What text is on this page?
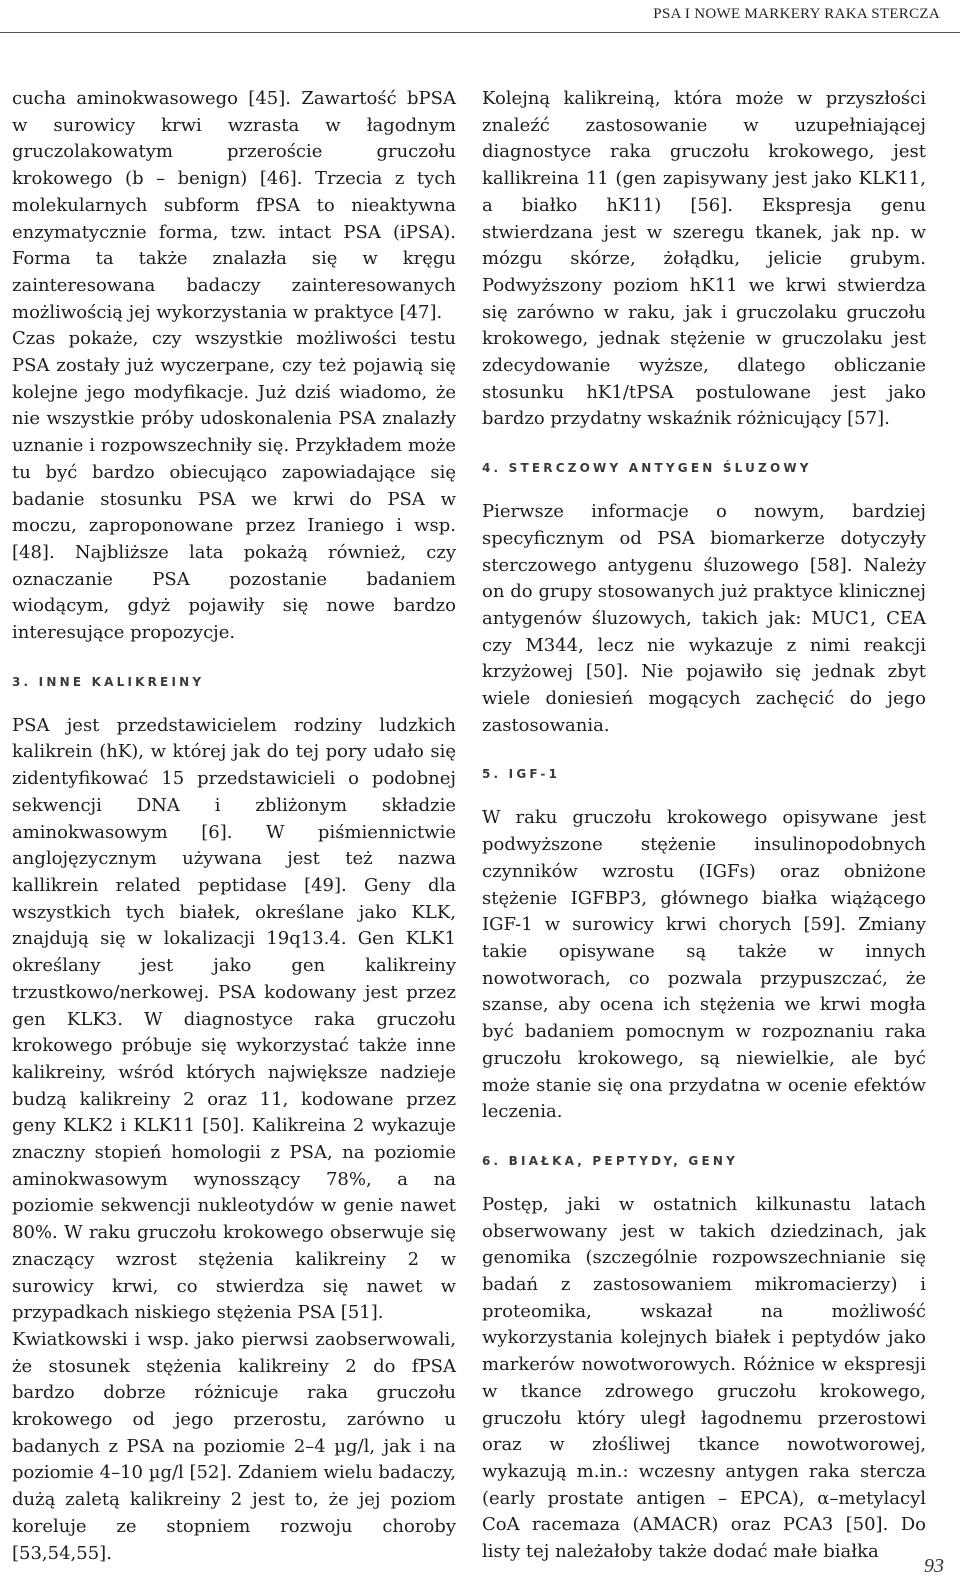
PSA I NOWE MARKERY RAKA STERCZA

cucha aminokwasowego [45]. Zawartość bPSA w surowicy krwi wzrasta w łagodnym gruczolakowatym przeroście gruczołu krokowego (b – benign) [46]. Trzecia z tych molekularnych subform fPSA to nieaktywna enzymatycznie forma, tzw. intact PSA (iPSA). Forma ta także znalazła się w kręgu zainteresowana badaczy zainteresowanych możliwością jej wykorzystania w praktyce [47].

Czas pokaże, czy wszystkie możliwości testu PSA zostały już wyczerpane, czy też pojawią się kolejne jego modyfikacje. Już dziś wiadomo, że nie wszystkie próby udoskonalenia PSA znalazły uznanie i rozpowszechniły się. Przykładem może tu być bardzo obiecująco zapowiadające się badanie stosunku PSA we krwi do PSA w moczu, zaproponowane przez Iraniego i wsp. [48]. Najbliższe lata pokażą również, czy oznaczanie PSA pozostanie badaniem wiodącym, gdyż pojawiły się nowe bardzo interesujące propozycje.

3. INNE KALIKREINY

PSA jest przedstawicielem rodziny ludzkich kalikrein (hK), w której jak do tej pory udało się zidentyfikować 15 przedstawicieli o podobnej sekwencji DNA i zbliżonym składzie aminokwasowym [6]. W piśmiennictwie anglojęzycznym używana jest też nazwa kallikrein related peptidase [49]. Geny dla wszystkich tych białek, określane jako KLK, znajdują się w lokalizacji 19q13.4. Gen KLK1 określany jest jako gen kalikreiny trzustkowo/nerkowej. PSA kodowany jest przez gen KLK3. W diagnostyce raka gruczołu krokowego próbuje się wykorzystać także inne kalikreiny, wśród których największe nadzieje budzą kalikreiny 2 oraz 11, kodowane przez geny KLK2 i KLK11 [50]. Kalikreina 2 wykazuje znaczny stopień homologii z PSA, na poziomie aminokwasowym wynosszący 78%, a na poziomie sekwencji nukleotydów w genie nawet 80%. W raku gruczołu krokowego obserwuje się znaczący wzrost stężenia kalikreiny 2 w surowicy krwi, co stwierdza się nawet w przypadkach niskiego stężenia PSA [51].

Kwiatkowski i wsp. jako pierwsi zaobserwowali, że stosunek stężenia kalikreiny 2 do fPSA bardzo dobrze różnicuje raka gruczołu krokowego od jego przerostu, zarówno u badanych z PSA na poziomie 2–4 µg/l, jak i na poziomie 4–10 µg/l [52]. Zdaniem wielu badaczy, dużą zaletą kalikreiny 2 jest to, że jej poziom koreluje ze stopniem rozwoju choroby [53,54,55].

Kolejną kalikreiną, która może w przyszłości znaleźć zastosowanie w uzupełniającej diagnostyce raka gruczołu krokowego, jest kallikreina 11 (gen zapisywany jest jako KLK11, a białko hK11) [56]. Ekspresja genu stwierdzana jest w szeregu tkanek, jak np. w mózgu skórze, żołądku, jelicie grubym. Podwyższony poziom hK11 we krwi stwierdza się zarówno w raku, jak i gruczolaku gruczołu krokowego, jednak stężenie w gruczolaku jest zdecydowanie wyższe, dlatego obliczanie stosunku hK1/tPSA postulowane jest jako bardzo przydatny wskaźnik różnicujący [57].

4. STERCZOWY ANTYGEN ŚLUZOWY

Pierwsze informacje o nowym, bardziej specyficznym od PSA biomarkerze dotyczyły sterczowego antygenu śluzowego [58]. Należy on do grupy stosowanych już praktyce klinicznej antygenów śluzowych, takich jak: MUC1, CEA czy M344, lecz nie wykazuje z nimi reakcji krzyżowej [50]. Nie pojawiło się jednak zbyt wiele doniesień mogących zachęcić do jego zastosowania.

5. IGF-1

W raku gruczołu krokowego opisywane jest podwyższone stężenie insulinopodobnych czynników wzrostu (IGFs) oraz obniżone stężenie IGFBP3, głównego białka wiążącego IGF-1 w surowicy krwi chorych [59]. Zmiany takie opisywane są także w innych nowotworach, co pozwala przypuszczać, że szanse, aby ocena ich stężenia we krwi mogła być badaniem pomocnym w rozpoznaniu raka gruczołu krokowego, są niewielkie, ale być może stanie się ona przydatna w ocenie efektów leczenia.

6. BIAŁKA, PEPTYDY, GENY

Postęp, jaki w ostatnich kilkunastu latach obserwowany jest w takich dziedzinach, jak genomika (szczególnie rozpowszechnianie się badań z zastosowaniem mikromacierzy) i proteomika, wskazał na możliwość wykorzystania kolejnych białek i peptydów jako markerów nowotworowych. Różnice w ekspresji w tkance zdrowego gruczołu krokowego, gruczołu który uległ łagodnemu przerostowi oraz w złośliwej tkance nowotworowej, wykazują m.in.: wczesny antygen raka stercza (early prostate antigen – EPCA), α–metylacyl CoA racemaza (AMACR) oraz PCA3 [50]. Do listy tej należałoby także dodać małe białka

93
